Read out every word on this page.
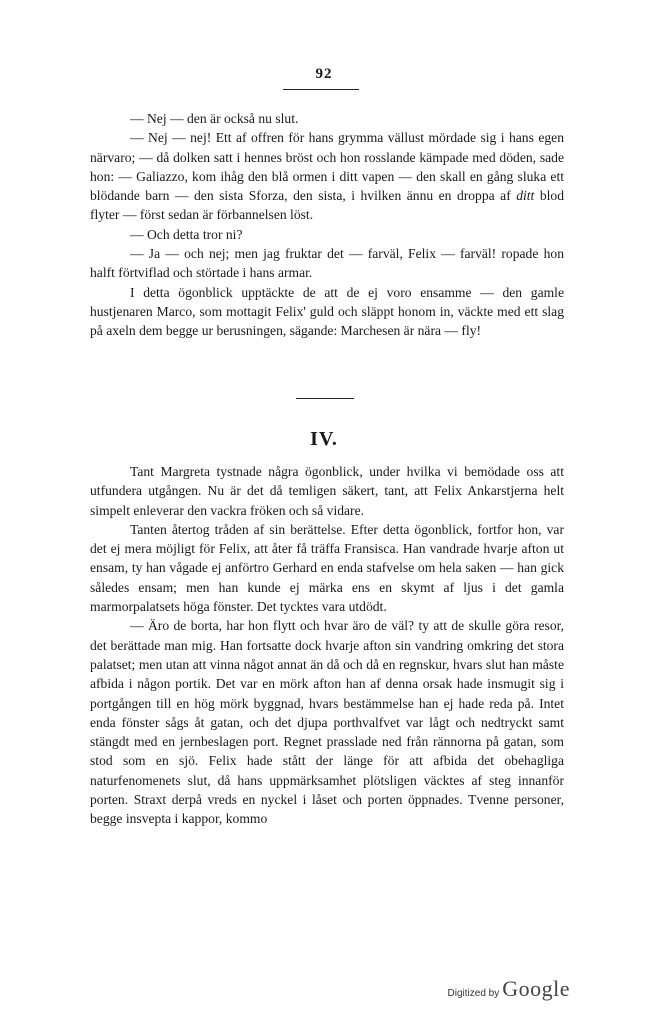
92

— Nej — den är också nu slut.

— Nej — nej! Ett af offren för hans grymma vällust mördade sig i hans egen närvaro; — då dolken satt i hennes bröst och hon rosslande kämpade med döden, sade hon: — Galiazzo, kom ihåg den blå ormen i ditt vapen — den skall en gång sluka ett blödande barn — den sista Sforza, den sista, i hvilken ännu en droppa af ditt blod flyter — först sedan är förbannelsen löst.

— Och detta tror ni?

— Ja — och nej; men jag fruktar det — farväl, Felix — farväl! ropade hon halft förtviflad och störtade i hans armar.

I detta ögonblick upptäckte de att de ej voro ensamme — den gamle hustjenaren Marco, som mottagit Felix' guld och släppt honom in, väckte med ett slag på axeln dem begge ur berusningen, sägande: Marchesen är nära — fly!

IV.

Tant Margreta tystnade några ögonblick, under hvilka vi bemödade oss att utfundera utgången. Nu är det då temligen säkert, tant, att Felix Ankarstjerna helt simpelt enleverar den vackra fröken och så vidare.

Tanten återtog tråden af sin berättelse. Efter detta ögonblick, fortfor hon, var det ej mera möjligt för Felix, att åter få träffa Fransisca. Han vandrade hvarje afton ut ensam, ty han vågade ej anförtro Gerhard en enda stafvelse om hela saken — han gick således ensam; men han kunde ej märka ens en skymt af ljus i det gamla marmorpalatsets höga fönster. Det tycktes vara utdödt.

— Äro de borta, har hon flytt och hvar äro de väl? ty att de skulle göra resor, det berättade man mig. Han fortsatte dock hvarje afton sin vandring omkring det stora palatset; men utan att vinna något annat än då och då en regnskur, hvars slut han måste afbida i någon portik. Det var en mörk afton han af denna orsak hade insmugit sig i portgången till en hög mörk byggnad, hvars bestämmelse han ej hade reda på. Intet enda fönster sågs åt gatan, och det djupa porthvalfvet var lågt och nedtryckt samt stängdt med en jernbeslagen port. Regnet prasslade ned från rännorna på gatan, som stod som en sjö. Felix hade stått der länge för att afbida det obehagliga naturfenomenets slut, då hans uppmärksamhet plötsligen väcktes af steg innanför porten. Straxt derpå vreds en nyckel i låset och porten öppnades. Tvenne personer, begge insvepta i kappor, kommo

Digitized by Google
